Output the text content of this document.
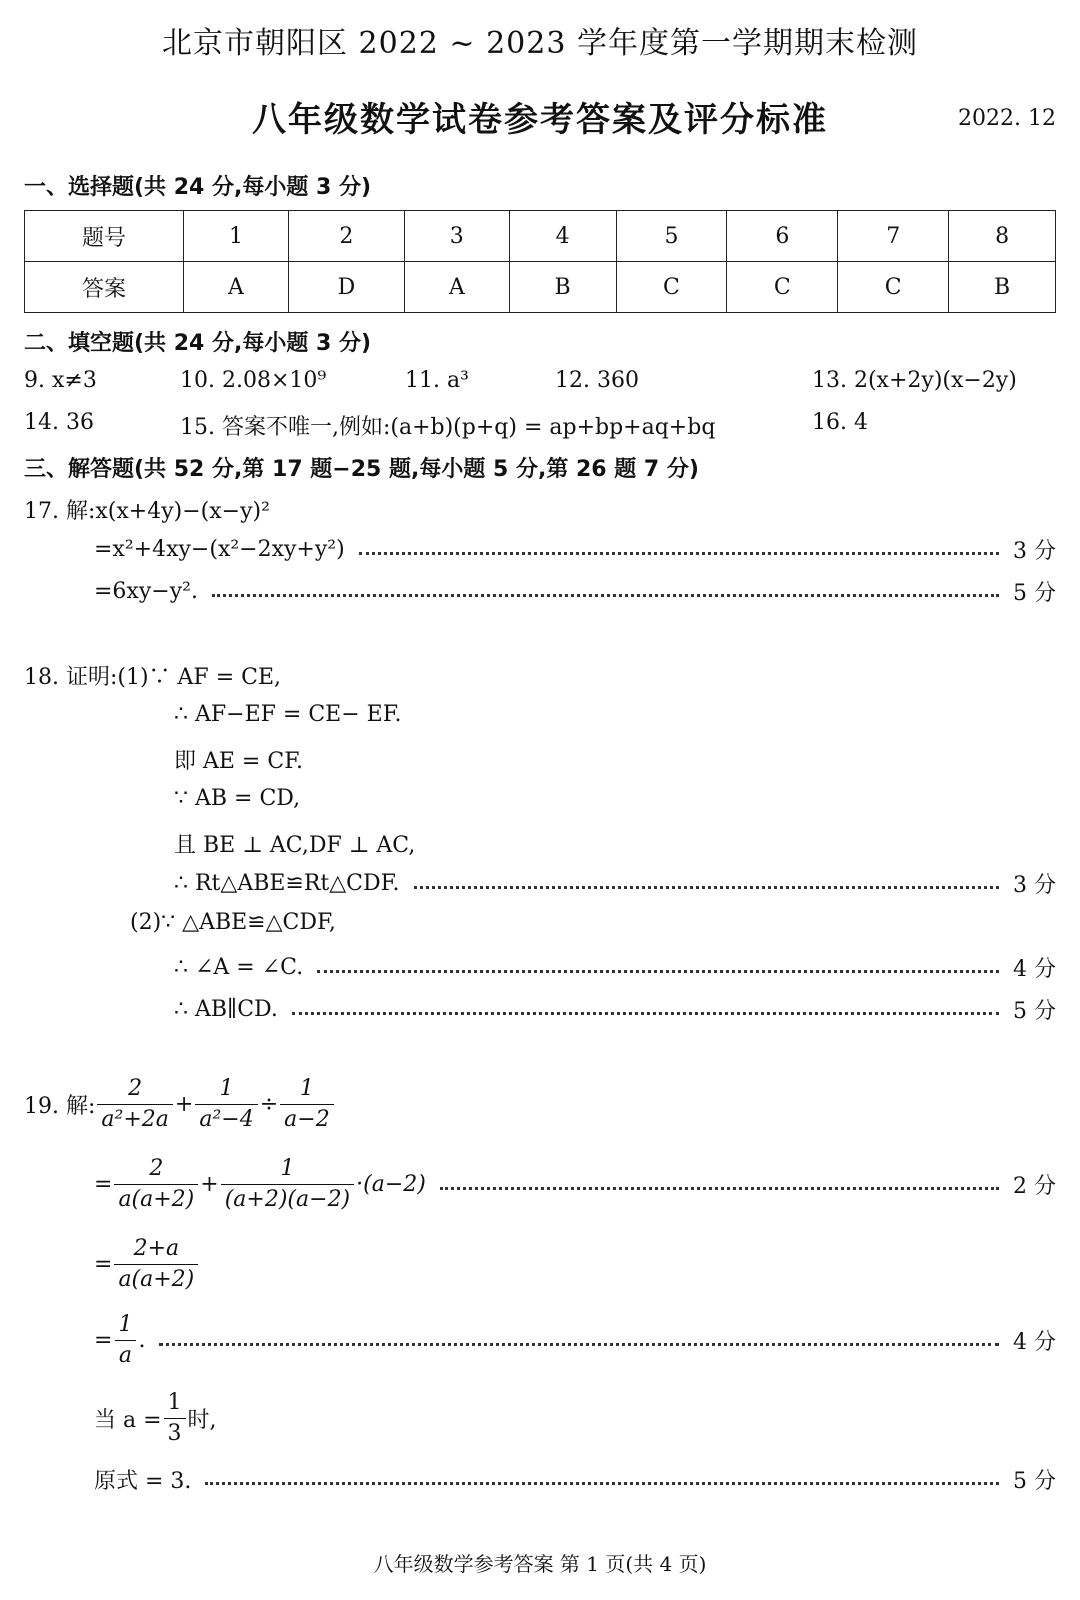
北京市朝阳区 2022 ~ 2023 学年度第一学期期末检测
八年级数学试卷参考答案及评分标准	2022. 12
一、选择题(共 24 分,每小题 3 分)
题号	1	2	3	4	5	6	7	8
答案	A	D	A	B	C	C	C	B
二、填空题(共 24 分,每小题 3 分)
9. x≠3	10. 2.08×10⁹	11. a³	12. 360	13. 2(x+2y)(x−2y)
14. 36	15. 答案不唯一,例如:(a+b)(p+q) = ap+bp+aq+bq	16. 4
三、解答题(共 52 分,第 17 题−25 题,每小题 5 分,第 26 题 7 分)
17. 解:x(x+4y)−(x−y)²
=x²+4xy−(x²−2xy+y²)	3 分
=6xy−y².	5 分
18. 证明:(1)∵ AF = CE,
∴ AF−EF = CE− EF.
即 AE = CF.
∵ AB = CD,
且 BE ⊥ AC,DF ⊥ AC,
∴ Rt△ABE≌Rt△CDF.	3 分
(2)∵ △ABE≌△CDF,
∴ ∠A = ∠C.	4 分
∴ AB∥CD.	5 分
19. 解: $\frac{2}{\text{a²+2a}} + \frac{1}{\text{a²−4}} \div \frac{1}{a-2}$
= $\frac{2}{a(a+2)} + \frac{1}{(a+2)(a-2)} \cdot(a-2)$	2 分
= $\frac{2+a}{a(a+2)}$
= $\frac{1}{a}$ .	4 分
当 $a = \frac{1}{3}$ 时,
原式 = 3.	5 分
八年级数学参考答案 第 1 页(共 4 页)
